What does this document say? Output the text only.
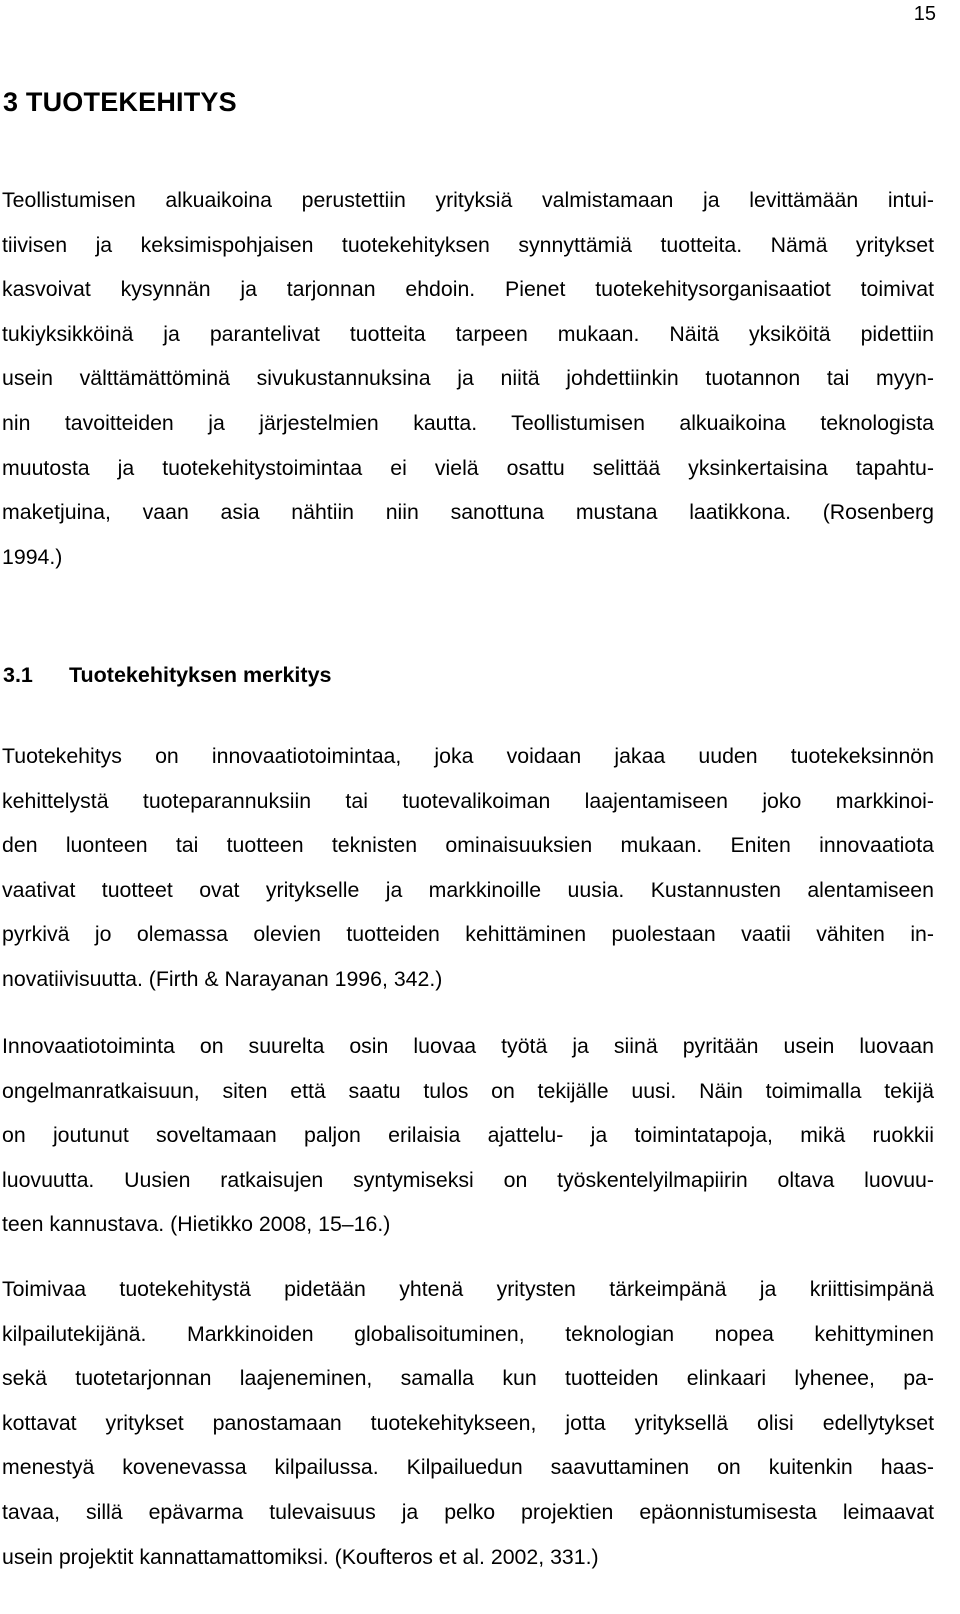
15
3 TUOTEKEHITYS
Teollistumisen alkuaikoina perustettiin yrityksiä valmistamaan ja levittämään intui-
tiivisen ja keksimispohjaisen tuotekehityksen synnyttämiä tuotteita. Nämä yritykset
kasvoivat kysynnän ja tarjonnan ehdoin. Pienet tuotekehitysorganisaatiot toimivat
tukiyksikköinä ja parantelivat tuotteita tarpeen mukaan. Näitä yksiköitä pidettiin
usein välttämättöminä sivukustannuksina ja niitä johdettiinkin tuotannon tai myyn-
nin tavoitteiden ja järjestelmien kautta. Teollistumisen alkuaikoina teknologista
muutosta ja tuotekehitystoimintaa ei vielä osattu selittää yksinkertaisina tapahtu-
maketjuina, vaan asia nähtiin niin sanottuna mustana laatikkona. (Rosenberg
1994.)
3.1 Tuotekehityksen merkitys
Tuotekehitys on innovaatiotoimintaa, joka voidaan jakaa uuden tuotekeksinnön
kehittelystä tuoteparannuksiin tai tuotevalikoiman laajentamiseen joko markkinoi-
den luonteen tai tuotteen teknisten ominaisuuksien mukaan. Eniten innovaatiota
vaativat tuotteet ovat yritykselle ja markkinoille uusia. Kustannusten alentamiseen
pyrkivä jo olemassa olevien tuotteiden kehittäminen puolestaan vaatii vähiten in-
novatiivisuutta. (Firth & Narayanan 1996, 342.)
Innovaatiotoiminta on suurelta osin luovaa työtä ja siinä pyritään usein luovaan
ongelmanratkaisuun, siten että saatu tulos on tekijälle uusi. Näin toimimalla tekijä
on joutunut soveltamaan paljon erilaisia ajattelu- ja toimintatapoja, mikä ruokkii
luovuutta. Uusien ratkaisujen syntymiseksi on työskentelyilmapiirin oltava luovuu-
teen kannustava. (Hietikko 2008, 15–16.)
Toimivaa tuotekehitystä pidetään yhtenä yritysten tärkeimpänä ja kriittisimpänä
kilpailutekijänä. Markkinoiden globalisoituminen, teknologian nopea kehittyminen
sekä tuotetarjonnan laajeneminen, samalla kun tuotteiden elinkaari lyhenee, pa-
kottavat yritykset panostamaan tuotekehitykseen, jotta yrityksellä olisi edellytykset
menestyä kovenevassa kilpailussa. Kilpailuedun saavuttaminen on kuitenkin haas-
tavaa, sillä epävarma tulevaisuus ja pelko projektien epäonnistumisesta leimaavat
usein projektit kannattamattomiksi. (Koufteros et al. 2002, 331.)
